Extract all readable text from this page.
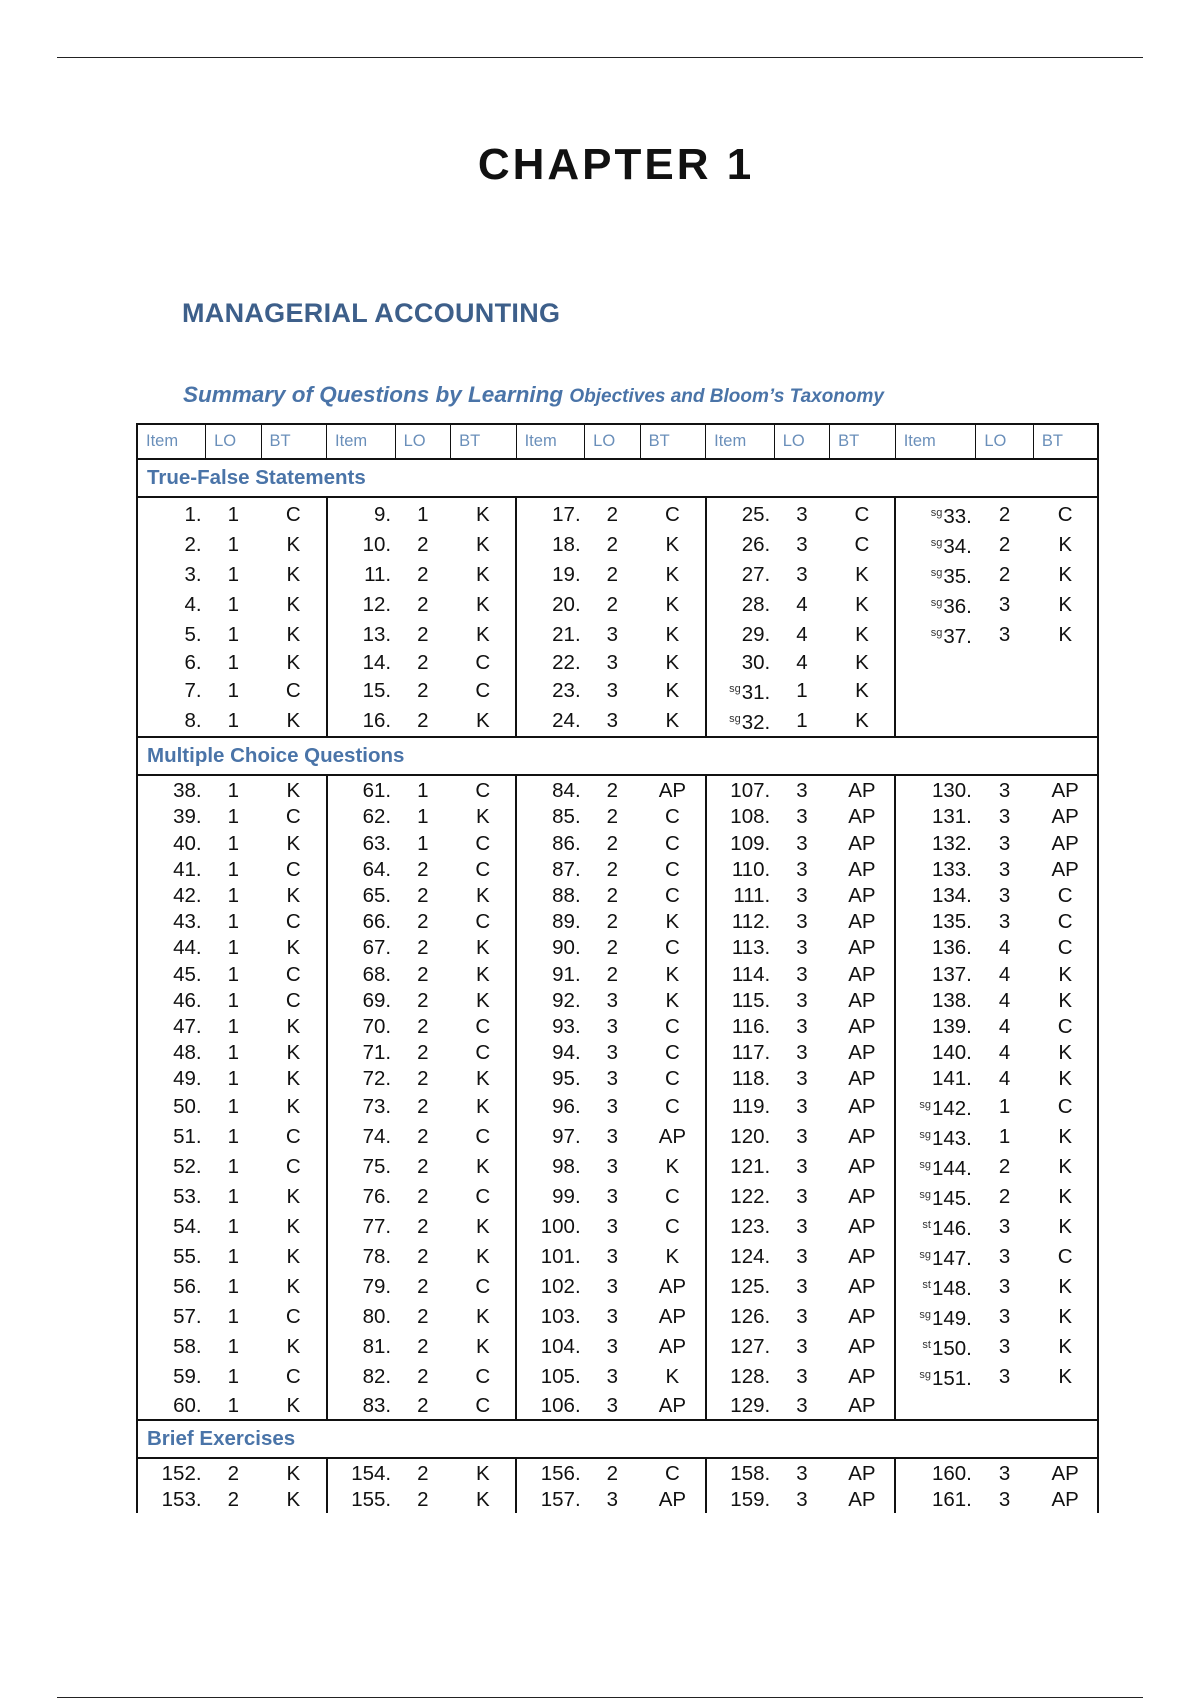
CHAPTER 1
MANAGERIAL ACCOUNTING
Summary of Questions by Learning Objectives and Bloom’s Taxonomy
Item	LO	BT	Item	LO	BT	Item	LO	BT	Item	LO	BT	Item	LO	BT
True-False Statements														
1.	1	C	9.	1	K	17.	2	C	25.	3	C	$^{sg}$33.	2	C
2.	1	K	10.	2	K	18.	2	K	26.	3	C	$^{sg}$34.	2	K
3.	1	K	11.	2	K	19.	2	K	27.	3	K	$^{sg}$35.	2	K
4.	1	K	12.	2	K	20.	2	K	28.	4	K	$^{sg}$36.	3	K
5.	1	K	13.	2	K	21.	3	K	29.	4	K	$^{sg}$37.	3	K
6.	1	K	14.	2	C	22.	3	K	30.	4	K			
7.	1	C	15.	2	C	23.	3	K	$^{sg}$31.	1	K			
8.	1	K	16.	2	K	24.	3	K	$^{sg}$32.	1	K			
Multiple Choice Questions														
38.	1	K	61.	1	C	84.	2	AP	107.	3	AP	130.	3	AP
39.	1	C	62.	1	K	85.	2	C	108.	3	AP	131.	3	AP
40.	1	K	63.	1	C	86.	2	C	109.	3	AP	132.	3	AP
41.	1	C	64.	2	C	87.	2	C	110.	3	AP	133.	3	AP
42.	1	K	65.	2	K	88.	2	C	111.	3	AP	134.	3	C
43.	1	C	66.	2	C	89.	2	K	112.	3	AP	135.	3	C
44.	1	K	67.	2	K	90.	2	C	113.	3	AP	136.	4	C
45.	1	C	68.	2	K	91.	2	K	114.	3	AP	137.	4	K
46.	1	C	69.	2	K	92.	3	K	115.	3	AP	138.	4	K
47.	1	K	70.	2	C	93.	3	C	116.	3	AP	139.	4	C
48.	1	K	71.	2	C	94.	3	C	117.	3	AP	140.	4	K
49.	1	K	72.	2	K	95.	3	C	118.	3	AP	141.	4	K
50.	1	K	73.	2	K	96.	3	C	119.	3	AP	$^{sg}$142.	1	C
51.	1	C	74.	2	C	97.	3	AP	120.	3	AP	$^{sg}$143.	1	K
52.	1	C	75.	2	K	98.	3	K	121.	3	AP	$^{sg}$144.	2	K
53.	1	K	76.	2	C	99.	3	C	122.	3	AP	$^{sg}$145.	2	K
54.	1	K	77.	2	K	100.	3	C	123.	3	AP	$^{st}$146.	3	K
55.	1	K	78.	2	K	101.	3	K	124.	3	AP	$^{sg}$147.	3	C
56.	1	K	79.	2	C	102.	3	AP	125.	3	AP	$^{st}$148.	3	K
57.	1	C	80.	2	K	103.	3	AP	126.	3	AP	$^{sg}$149.	3	K
58.	1	K	81.	2	K	104.	3	AP	127.	3	AP	$^{st}$150.	3	K
59.	1	C	82.	2	C	105.	3	K	128.	3	AP	$^{sg}$151.	3	K
60.	1	K	83.	2	C	106.	3	AP	129.	3	AP			
Brief Exercises														
152.	2	K	154.	2	K	156.	2	C	158.	3	AP	160.	3	AP
153.	2	K	155.	2	K	157.	3	AP	159.	3	AP	161.	3	AP
